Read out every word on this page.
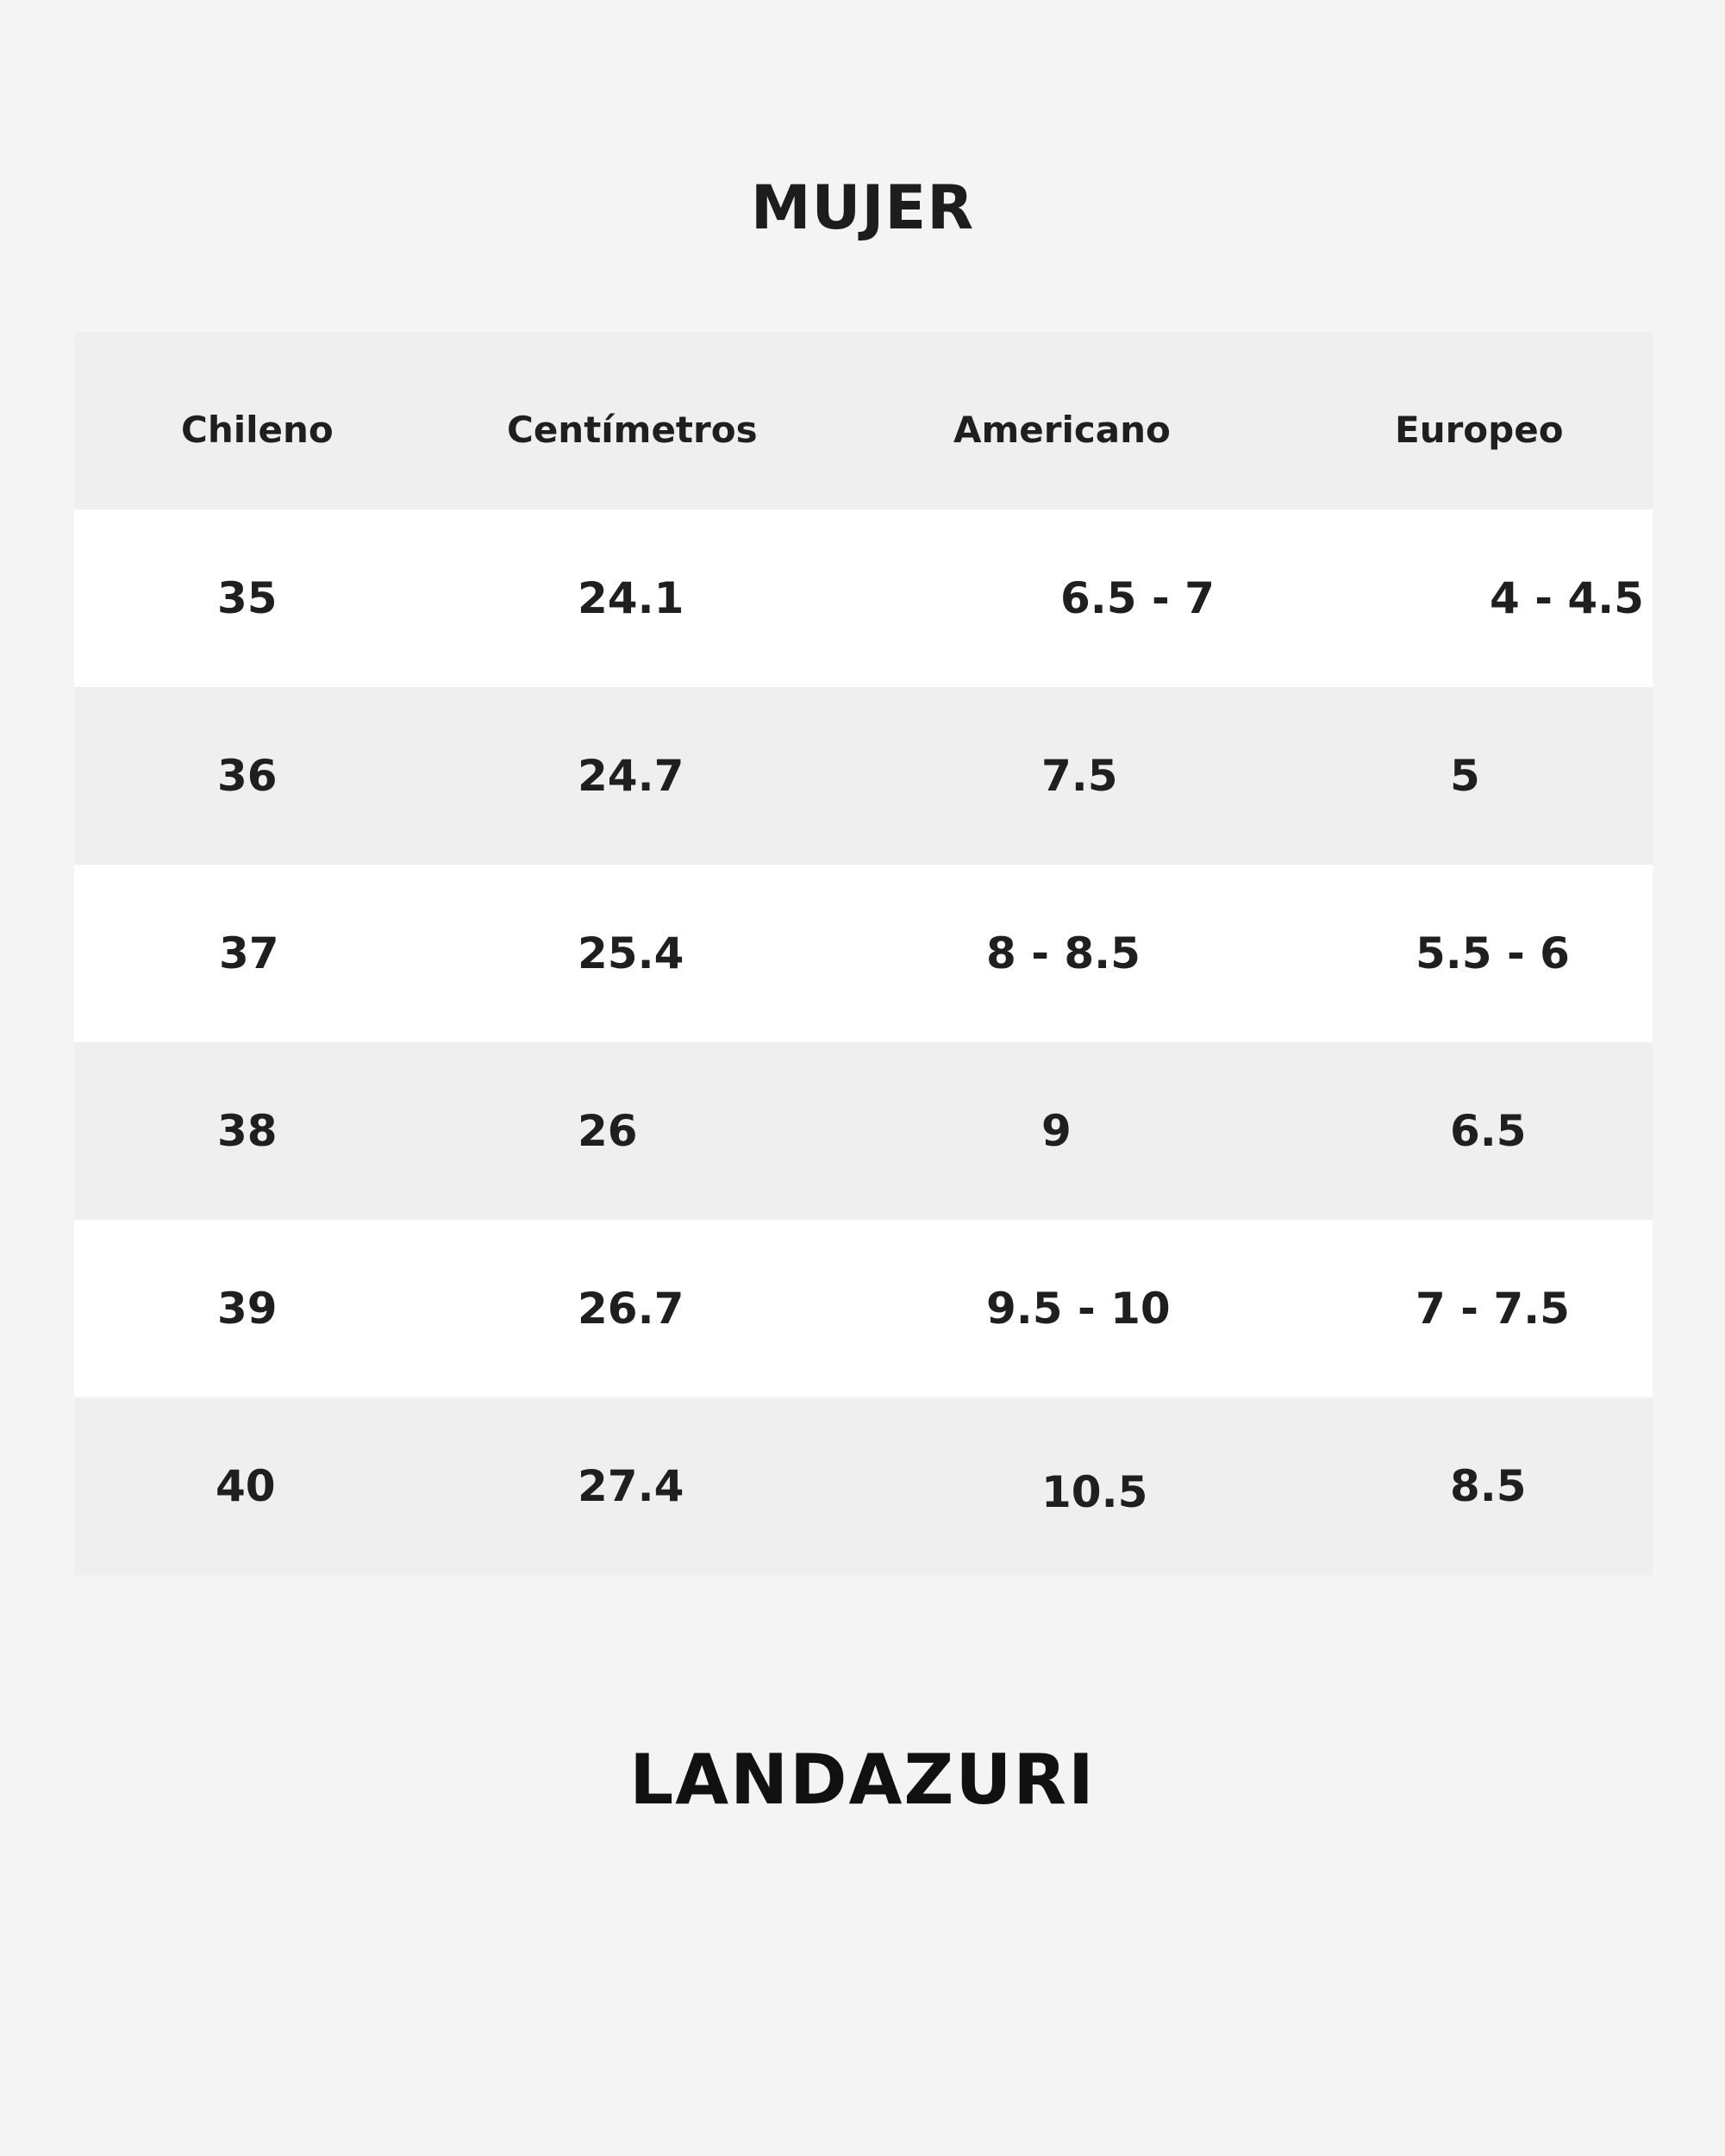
MUJER
Chileno	Centímetros	Americano	Europeo
35	24.1	6.5 - 7	4 - 4.5
36	24.7	7.5	5
37	25.4	8 - 8.5	5.5 - 6
38	26	9	6.5
39	26.7	9.5 - 10	7 - 7.5
40	27.4	10.5	8.5
LANDAZURI
